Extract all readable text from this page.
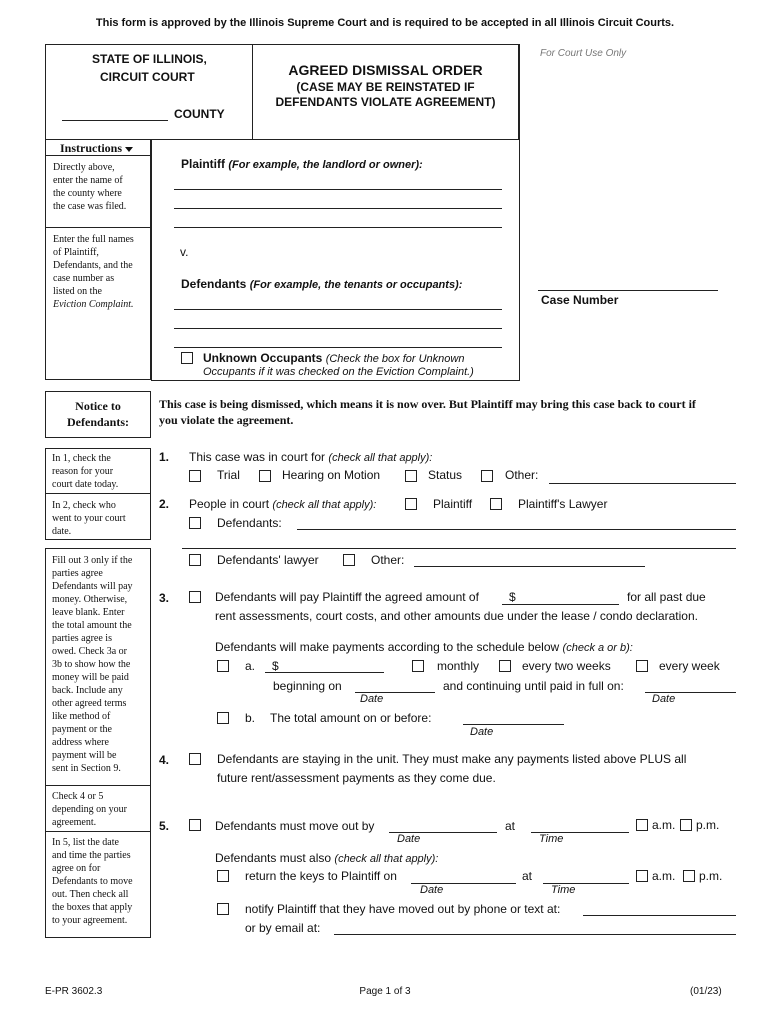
This form is approved by the Illinois Supreme Court and is required to be accepted in all Illinois Circuit Courts.
STATE OF ILLINOIS,
CIRCUIT COURT
COUNTY
AGREED DISMISSAL ORDER
(CASE MAY BE REINSTATED IF
DEFENDANTS VIOLATE AGREEMENT)
For Court Use Only
Instructions
Directly above,
enter the name of
the county where
the case was filed.
Enter the full names
of Plaintiff,
Defendants, and the
case number as
listed on the
Eviction Complaint.
Plaintiff (For example, the landlord or owner):
v.
Defendants (For example, the tenants or occupants):
Case Number
Unknown Occupants (Check the box for Unknown
Occupants if it was checked on the Eviction Complaint.)
Notice to
Defendants:
This case is being dismissed, which means it is now over. But Plaintiff may bring this case back to court if
you violate the agreement.
In 1, check the
reason for your
court date today.
In 2, check who
went to your court
date.
Fill out 3 only if the
parties agree
Defendants will pay
money. Otherwise,
leave blank. Enter
the total amount the
parties agree is
owed. Check 3a or
3b to show how the
money will be paid
back. Include any
other agreed terms
like method of
payment or the
address where
payment will be
sent in Section 9.
Check 4 or 5
depending on your
agreement.
In 5, list the date
and time the parties
agree on for
Defendants to move
out. Then check all
the boxes that apply
to your agreement.
1. This case was in court for (check all that apply):
Trial	Hearing on Motion	Status	Other:
2. People in court (check all that apply):	Plaintiff	Plaintiff's Lawyer
Defendants:
Defendants' lawyer	Other:
3.	Defendants will pay Plaintiff the agreed amount of	$	for all past due
rent assessments, court costs, and other amounts due under the lease / condo declaration.
Defendants will make payments according to the schedule below (check a or b):
a. $	monthly	every two weeks	every week
beginning on
Date
and continuing until paid in full on:
Date
b. The total amount on or before:
Date
4.	Defendants are staying in the unit. They must make any payments listed above PLUS all
future rent/assessment payments as they come due.
5.	Defendants must move out by
Date
at
Time
a.m. p.m.
Defendants must also (check all that apply):
return the keys to Plaintiff on
Date
at
Time
a.m. p.m.
notify Plaintiff that they have moved out by phone or text at:
or by email at:
E-PR 3602.3	Page 1 of 3	(01/23)
